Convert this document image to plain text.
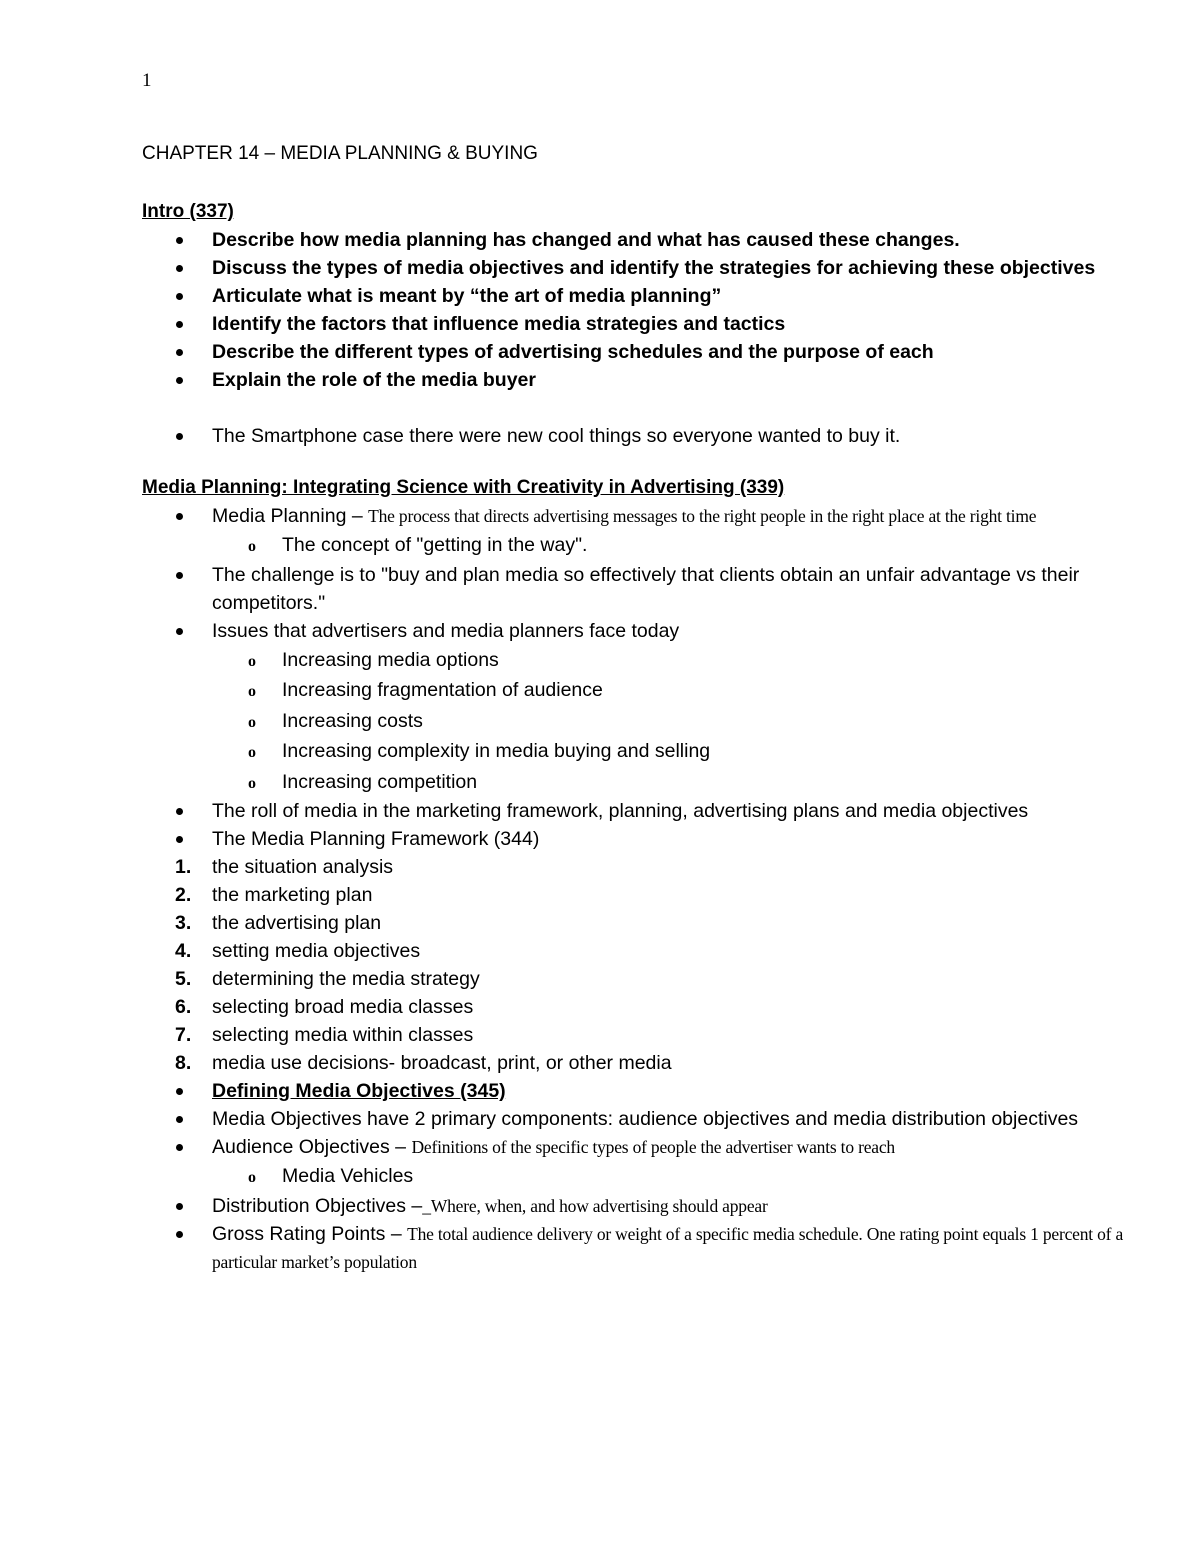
1

CHAPTER 14 – MEDIA PLANNING & BUYING

Intro (337)

Describe how media planning has changed and what has caused these changes.
Discuss the types of media objectives and identify the strategies for achieving these objectives
Articulate what is meant by “the art of media planning”
Identify the factors that influence media strategies and tactics
Describe the different types of advertising schedules and the purpose of each
Explain the role of the media buyer
The Smartphone case there were new cool things so everyone wanted to buy it.

Media Planning: Integrating Science with Creativity in Advertising (339)

Media Planning – The process that directs advertising messages to the right people in the right place at the right time
o The concept of "getting in the way".
The challenge is to "buy and plan media so effectively that clients obtain an unfair advantage vs their competitors."
Issues that advertisers and media planners face today
o Increasing media options
o Increasing fragmentation of audience
o Increasing costs
o Increasing complexity in media buying and selling
o Increasing competition
The roll of media in the marketing framework, planning, advertising plans and media objectives
The Media Planning Framework (344)
1. the situation analysis
2. the marketing plan
3. the advertising plan
4. setting media objectives
5. determining the media strategy
6. selecting broad media classes
7. selecting media within classes
8. media use decisions- broadcast, print, or other media
Defining Media Objectives (345)
Media Objectives have 2 primary components: audience objectives and media distribution objectives
Audience Objectives – Definitions of the specific types of people the advertiser wants to reach
o Media Vehicles
Distribution Objectives –_Where, when, and how advertising should appear
Gross Rating Points – The total audience delivery or weight of a specific media schedule. One rating point equals 1 percent of a particular market’s population
